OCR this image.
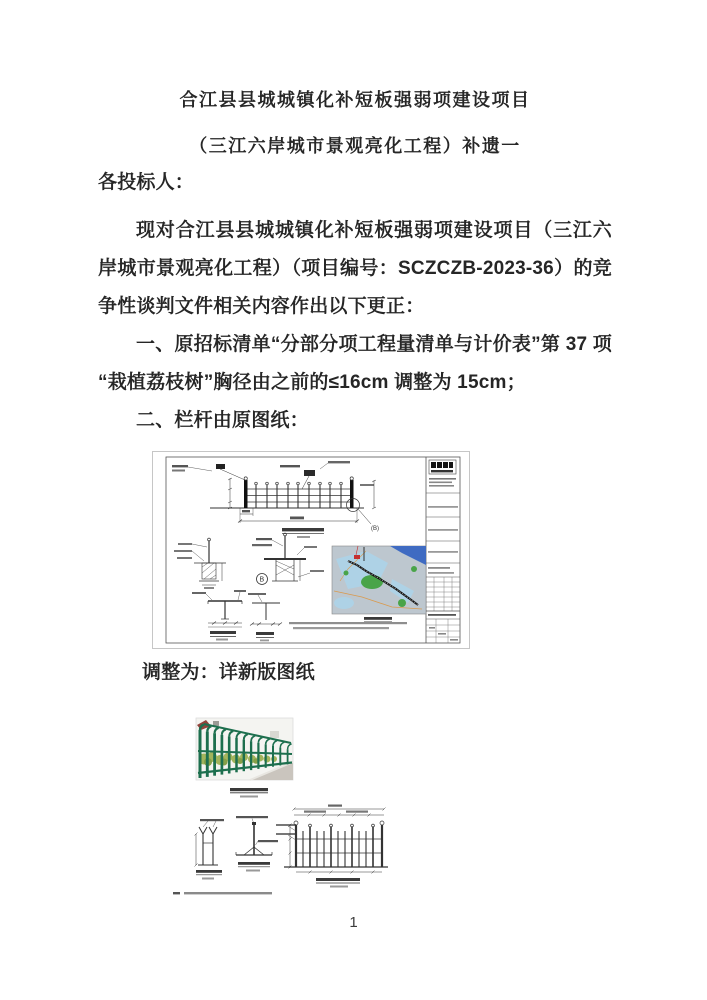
合江县县城城镇化补短板强弱项建设项目
（三江六岸城市景观亮化工程）补遗一
各投标人：
现对合江县县城城镇化补短板强弱项建设项目（三江六
岸城市景观亮化工程）（项目编号：SCZCZB-2023-36）的竞
争性谈判文件相关内容作出以下更正：
一、原招标清单“分部分项工程量清单与计价表”第 37 项
“栽植荔枝树”胸径由之前的≤16cm 调整为 15cm；
二、栏杆由原图纸：
(B)
B
调整为：详新版图纸
1
